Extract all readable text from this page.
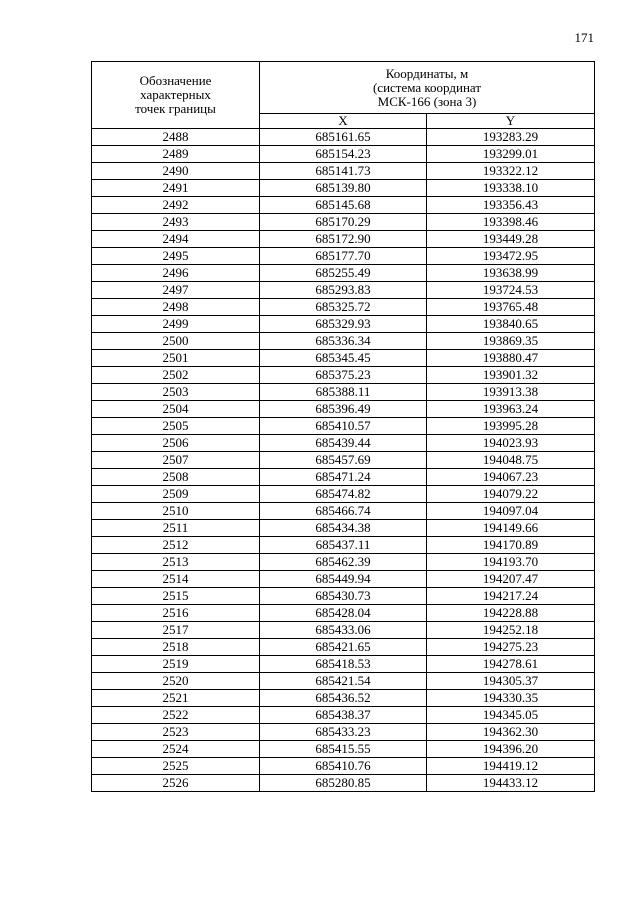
171
Обозначение
характерных
точек границы	Координаты, м
(система координат
МСК-166 (зона 3)	

	X	Y
2488	685161.65	193283.29
2489	685154.23	193299.01
2490	685141.73	193322.12
2491	685139.80	193338.10
2492	685145.68	193356.43
2493	685170.29	193398.46
2494	685172.90	193449.28
2495	685177.70	193472.95
2496	685255.49	193638.99
2497	685293.83	193724.53
2498	685325.72	193765.48
2499	685329.93	193840.65
2500	685336.34	193869.35
2501	685345.45	193880.47
2502	685375.23	193901.32
2503	685388.11	193913.38
2504	685396.49	193963.24
2505	685410.57	193995.28
2506	685439.44	194023.93
2507	685457.69	194048.75
2508	685471.24	194067.23
2509	685474.82	194079.22
2510	685466.74	194097.04
2511	685434.38	194149.66
2512	685437.11	194170.89
2513	685462.39	194193.70
2514	685449.94	194207.47
2515	685430.73	194217.24
2516	685428.04	194228.88
2517	685433.06	194252.18
2518	685421.65	194275.23
2519	685418.53	194278.61
2520	685421.54	194305.37
2521	685436.52	194330.35
2522	685438.37	194345.05
2523	685433.23	194362.30
2524	685415.55	194396.20
2525	685410.76	194419.12
2526	685280.85	194433.12
